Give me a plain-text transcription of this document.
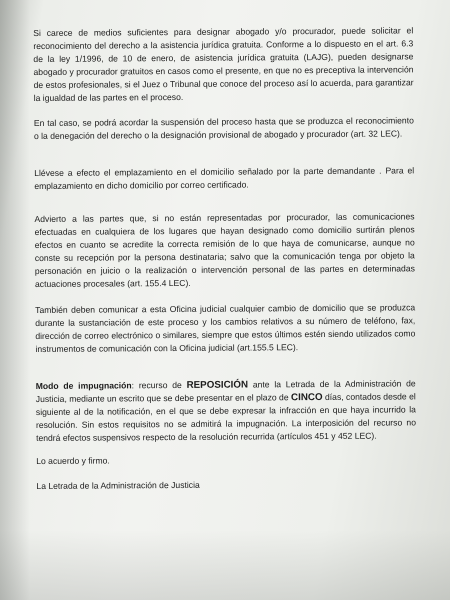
Si carece de medios suficientes para designar abogado y/o procurador, puede solicitar el reconocimiento del derecho a la asistencia jurídica gratuita. Conforme a lo dispuesto en el art. 6.3 de la ley 1/1996, de 10 de enero, de asistencia jurídica gratuita (LAJG), pueden designarse abogado y procurador gratuitos en casos como el presente, en que no es preceptiva la intervención de estos profesionales, si el Juez o Tribunal que conoce del proceso así lo acuerda, para garantizar la igualdad de las partes en el proceso.

En tal caso, se podrá acordar la suspensión del proceso hasta que se produzca el reconocimiento o la denegación del derecho o la designación provisional de abogado y procurador (art. 32 LEC).

Llévese a efecto el emplazamiento en el domicilio señalado por la parte demandante . Para el emplazamiento en dicho domicilio por correo certificado.

Advierto a las partes que, si no están representadas por procurador, las comunicaciones efectuadas en cualquiera de los lugares que hayan designado como domicilio surtirán plenos efectos en cuanto se acredite la correcta remisión de lo que haya de comunicarse, aunque no conste su recepción por la persona destinataria; salvo que la comunicación tenga por objeto la personación en juicio o la realización o intervención personal de las partes en determinadas actuaciones procesales (art. 155.4 LEC).

También deben comunicar a esta Oficina judicial cualquier cambio de domicilio que se produzca durante la sustanciación de este proceso y los cambios relativos a su número de teléfono, fax, dirección de correo electrónico o similares, siempre que estos últimos estén siendo utilizados como instrumentos de comunicación con la Oficina judicial (art.155.5 LEC).

Modo de impugnación: recurso de REPOSICIÓN ante la Letrada de la Administración de Justicia, mediante un escrito que se debe presentar en el plazo de CINCO días, contados desde el siguiente al de la notificación, en el que se debe expresar la infracción en que haya incurrido la resolución. Sin estos requisitos no se admitirá la impugnación. La interposición del recurso no tendrá efectos suspensivos respecto de la resolución recurrida (artículos 451 y 452 LEC).

Lo acuerdo y firmo.

La Letrada de la Administración de Justicia
